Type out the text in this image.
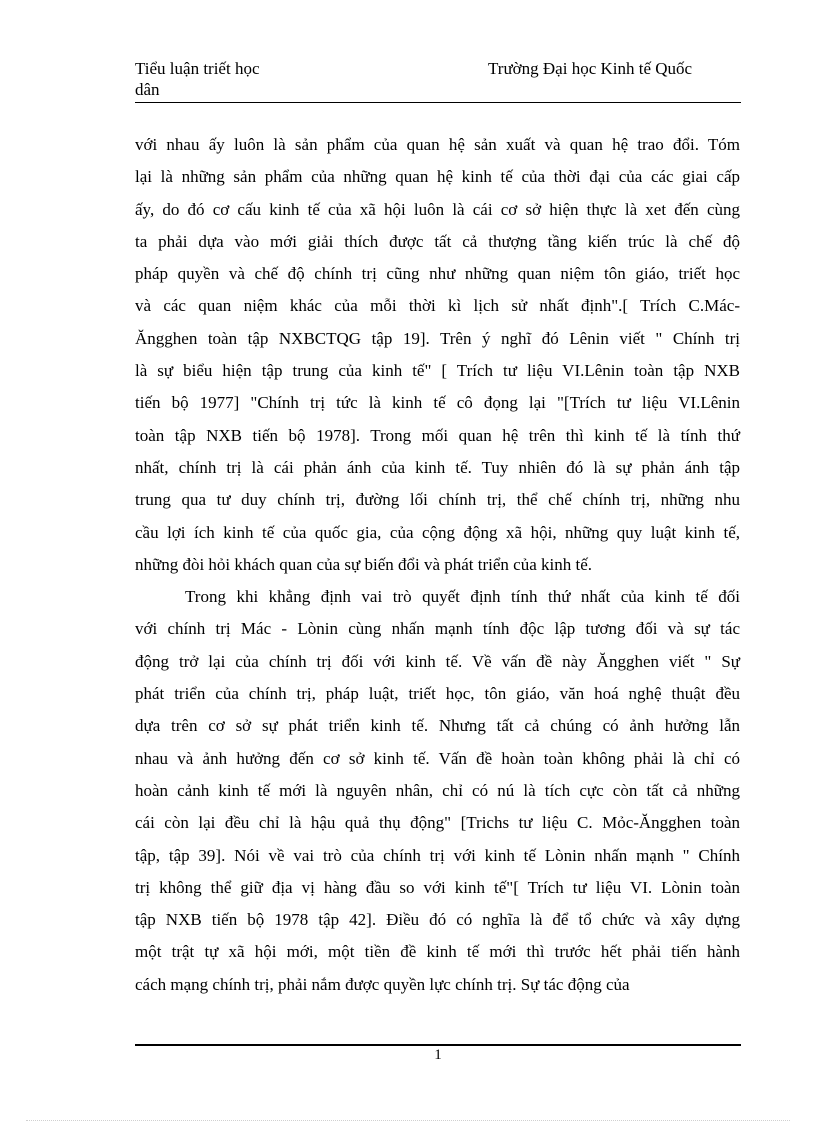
Tiểu luận triết học
dân
Trường Đại học Kinh tế Quốc
với nhau ấy luôn là sản phẩm của quan hệ sản xuất và quan hệ trao đổi. Tóm
lại là những sản phẩm của những quan hệ kinh tế của thời đại của các giai cấp
ấy, do đó cơ cấu kinh tế của xã hội luôn là cái cơ sở hiện thực là xet đến cùng
ta phải dựa vào mới giải thích được tất cả thượng tầng kiến trúc là chế độ
pháp quyền và chế độ chính trị cũng như những quan niệm tôn giáo, triết học
và các quan niệm khác của mỗi thời kì lịch sử nhất định".[ Trích C.Mác-
Ăngghen toàn tập NXBCTQG tập 19]. Trên ý nghĩ đó Lênin viết " Chính trị
là sự biểu hiện tập trung của kinh tế" [ Trích tư liệu VI.Lênin toàn tập NXB
tiến bộ 1977] "Chính trị tức là kinh tế cô đọng lại "[Trích tư liệu VI.Lênin
toàn tập NXB tiến bộ 1978]. Trong mối quan hệ trên thì kinh tế là tính thứ
nhất, chính trị là cái phản ánh của kinh tế. Tuy nhiên đó là sự phản ánh tập
trung qua tư duy chính trị, đường lối chính trị, thể chế chính trị, những nhu
cầu lợi ích kinh tế của quốc gia, của cộng động xã hội, những quy luật kinh tế,
những đòi hỏi khách quan của sự biến đổi và phát triển của kinh tế.
Trong khi khẳng định vai trò quyết định tính thứ nhất của kinh tế đối
với chính trị Mác - Lònin cùng nhấn mạnh tính độc lập tương đối và sự tác
động trở lại của chính trị đối với kinh tế. Về vấn đề này Ăngghen viết " Sự
phát triển của chính trị, pháp luật, triết học, tôn giáo, văn hoá nghệ thuật đều
dựa trên cơ sở sự phát triển kinh tế. Nhưng tất cả chúng có ảnh hưởng lẫn
nhau và ảnh hưởng đến cơ sở kinh tế. Vấn đề hoàn toàn không phải là chỉ có
hoàn cảnh kinh tế mới là nguyên nhân, chỉ có nú là tích cực còn tất cả những
cái còn lại đều chỉ là hậu quả thụ động" [Trichs tư liệu C. Mỏc-Ăngghen toàn
tập, tập 39]. Nói về vai trò của chính trị với kinh tế Lònin nhấn mạnh " Chính
trị không thể giữ địa vị hàng đầu so với kinh tế"[ Trích tư liệu VI. Lònin toàn
tập NXB tiến bộ 1978 tập 42]. Điều đó có nghĩa là để tổ chức và xây dựng
một trật tự xã hội mới, một tiền đề kinh tế mới thì trước hết phải tiến hành
cách mạng chính trị, phải nắm được quyền lực chính trị. Sự tác động của
1
